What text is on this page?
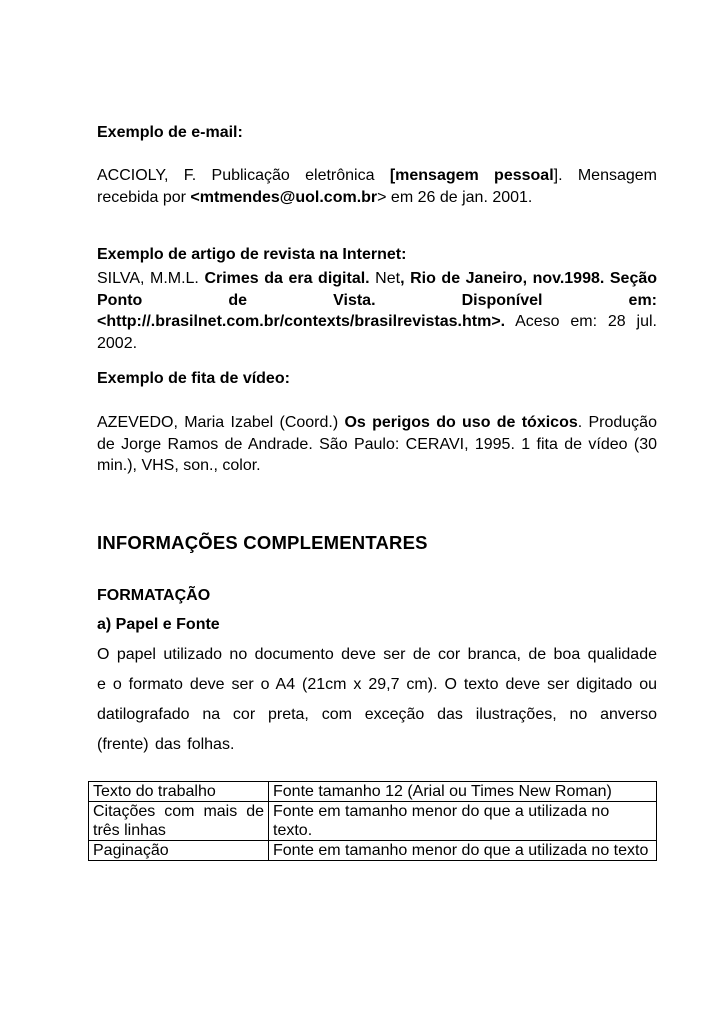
Exemplo de e-mail:
ACCIOLY, F. Publicação eletrônica [mensagem pessoal]. Mensagem recebida por <mtmendes@uol.com.br> em 26 de jan. 2001.
Exemplo de artigo de revista na Internet:
SILVA, M.M.L. Crimes da era digital. Net, Rio de Janeiro, nov.1998. Seção Ponto de Vista. Disponível em: <http://.brasilnet.com.br/contexts/brasilrevistas.htm>. Aceso em: 28 jul. 2002.
Exemplo de fita de vídeo:
AZEVEDO, Maria Izabel (Coord.) Os perigos do uso de tóxicos. Produção de Jorge Ramos de Andrade. São Paulo: CERAVI, 1995. 1 fita de vídeo (30 min.), VHS, son., color.
INFORMAÇÕES COMPLEMENTARES
FORMATAÇÃO
a) Papel e Fonte
O papel utilizado no documento deve ser de cor branca, de boa qualidade e o formato deve ser o A4 (21cm x 29,7 cm). O texto deve ser digitado ou datilografado na cor preta, com exceção das ilustrações, no anverso (frente) das folhas.
Texto do trabalho	Fonte tamanho 12 (Arial ou Times New Roman)
Citações com mais de três linhas	Fonte em tamanho menor do que a utilizada no texto.
Paginação	Fonte em tamanho menor do que a utilizada no texto
